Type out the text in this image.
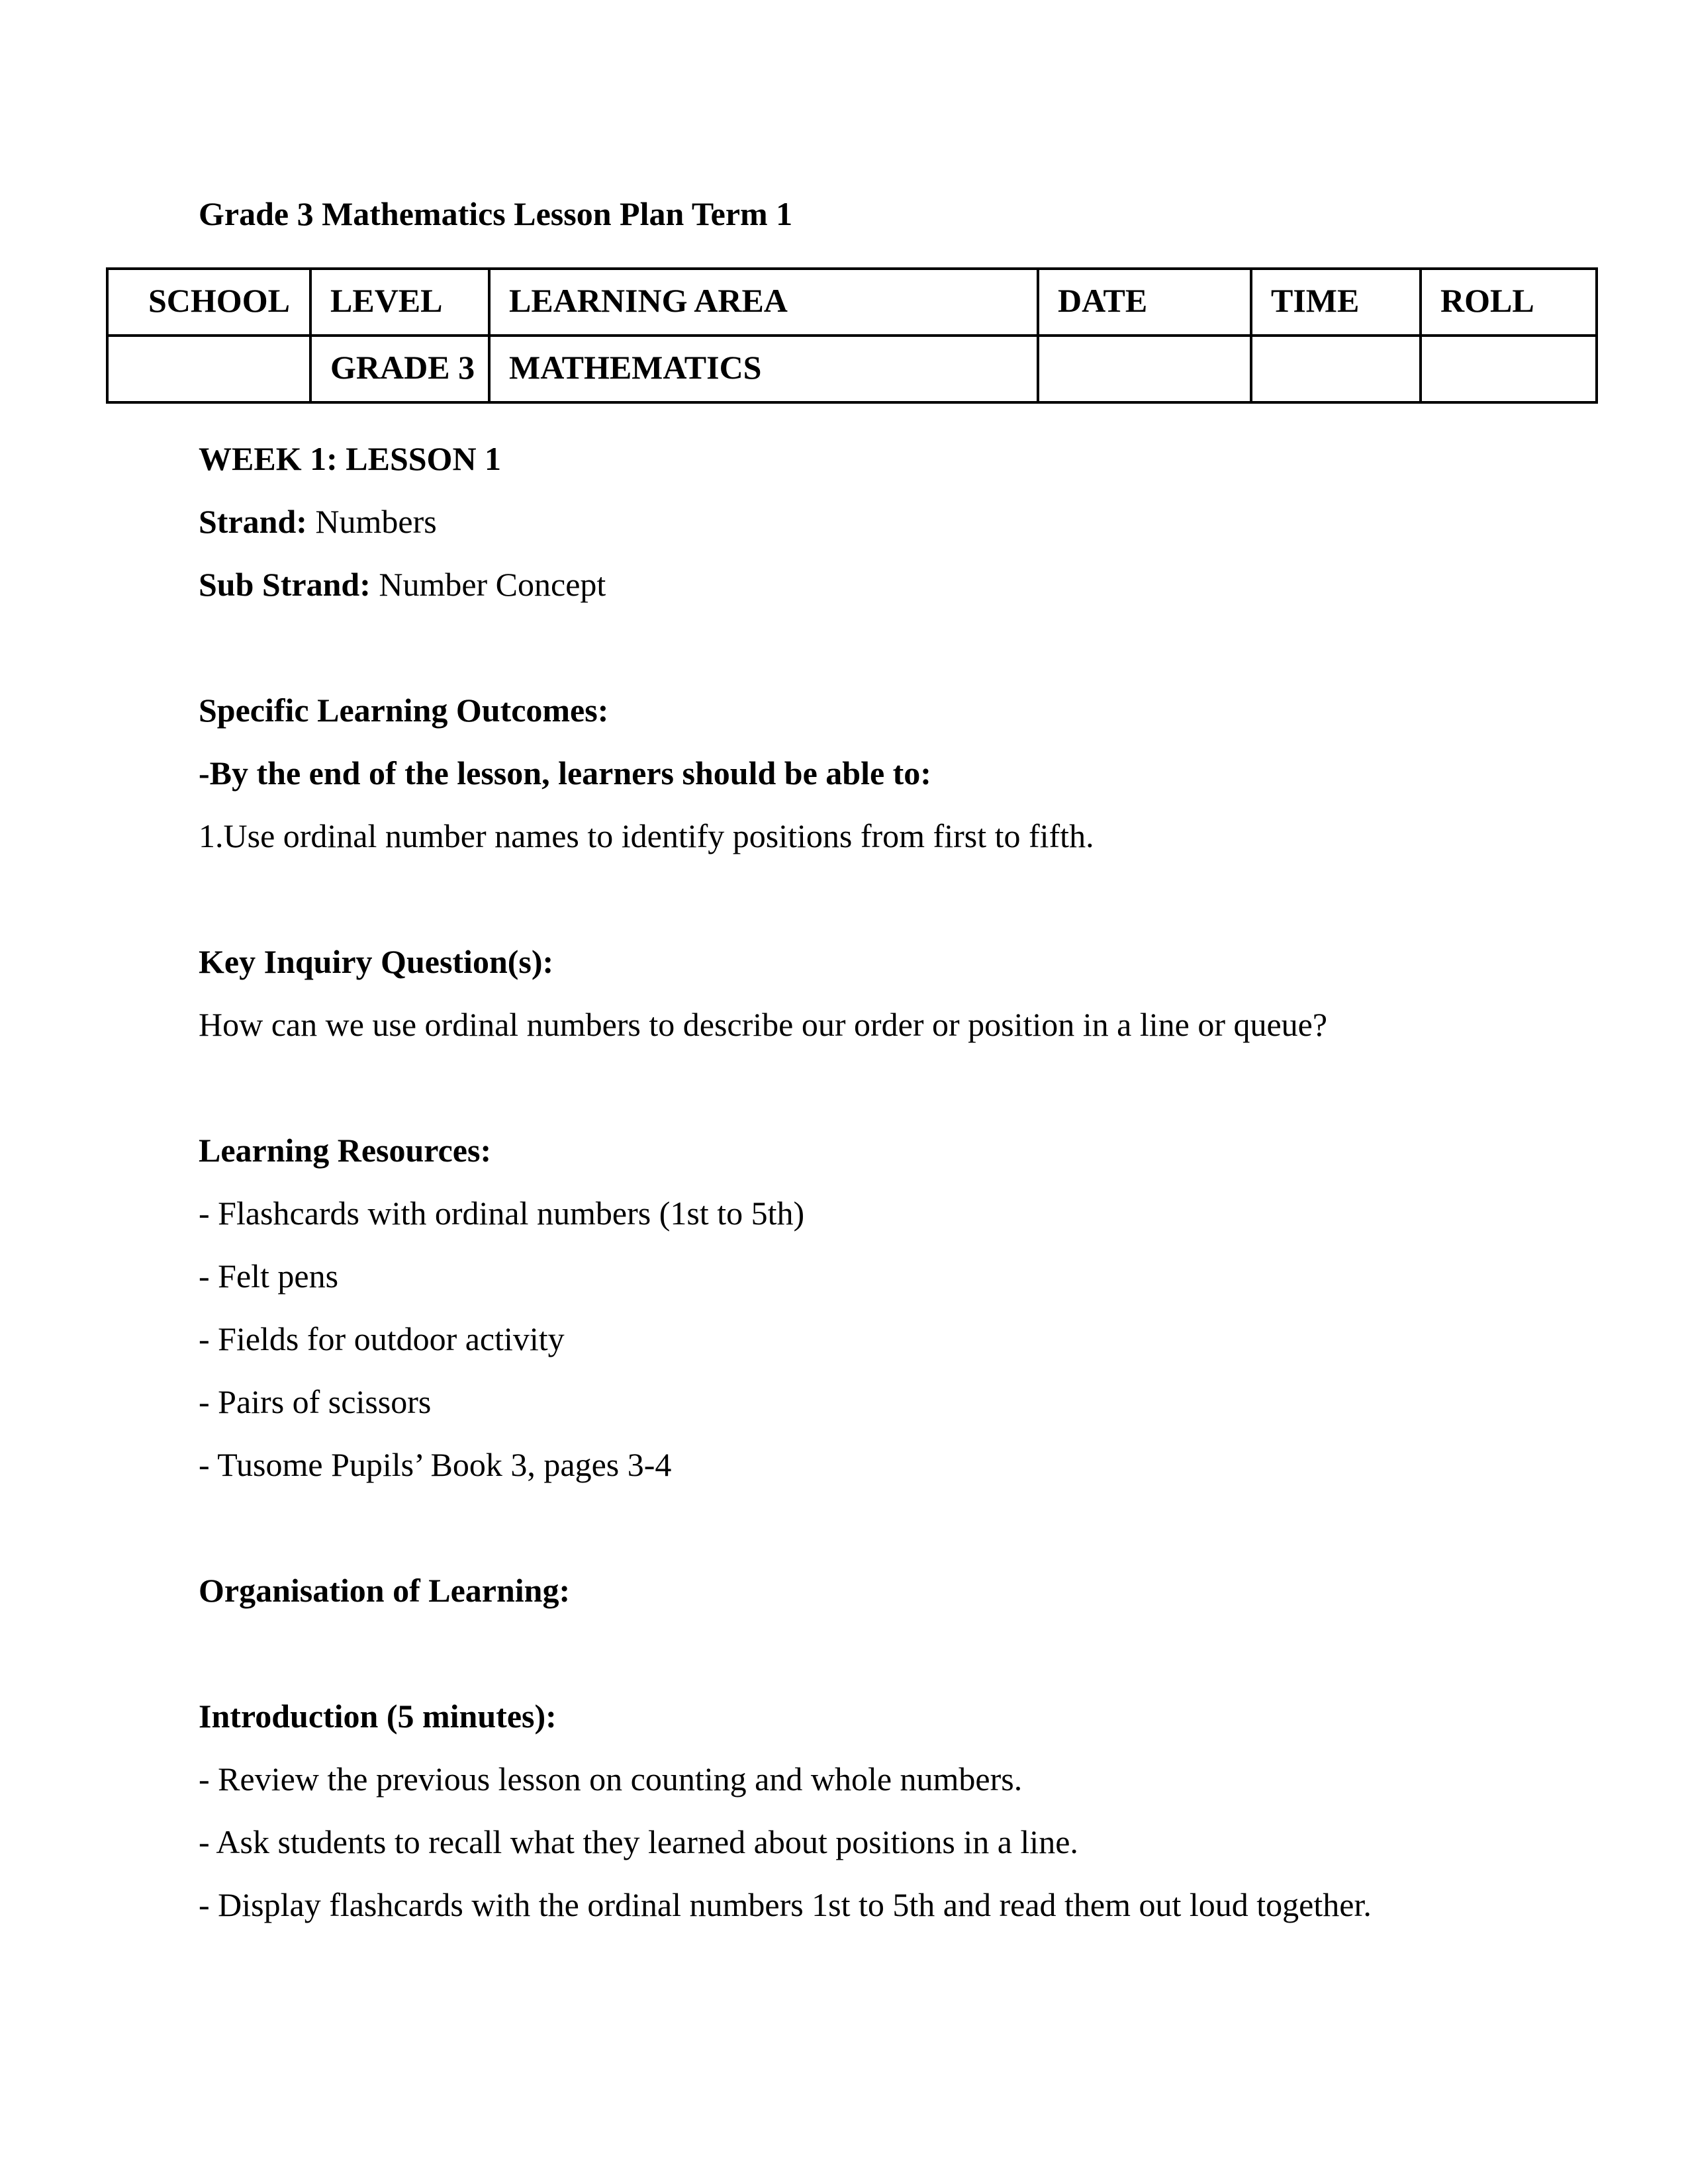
Grade 3 Mathematics Lesson Plan Term 1

SCHOOL	LEVEL	LEARNING AREA	DATE	TIME	ROLL
	GRADE 3	MATHEMATICS			

WEEK 1: LESSON 1

Strand: Numbers

Sub Strand: Number Concept

Specific Learning Outcomes:

-By the end of the lesson, learners should be able to:

1.Use ordinal number names to identify positions from first to fifth.

Key Inquiry Question(s):

How can we use ordinal numbers to describe our order or position in a line or queue?

Learning Resources:

- Flashcards with ordinal numbers (1st to 5th)

- Felt pens

- Fields for outdoor activity

- Pairs of scissors

- Tusome Pupils’ Book 3, pages 3-4

Organisation of Learning:

Introduction (5 minutes):

- Review the previous lesson on counting and whole numbers.

- Ask students to recall what they learned about positions in a line.

- Display flashcards with the ordinal numbers 1st to 5th and read them out loud together.
